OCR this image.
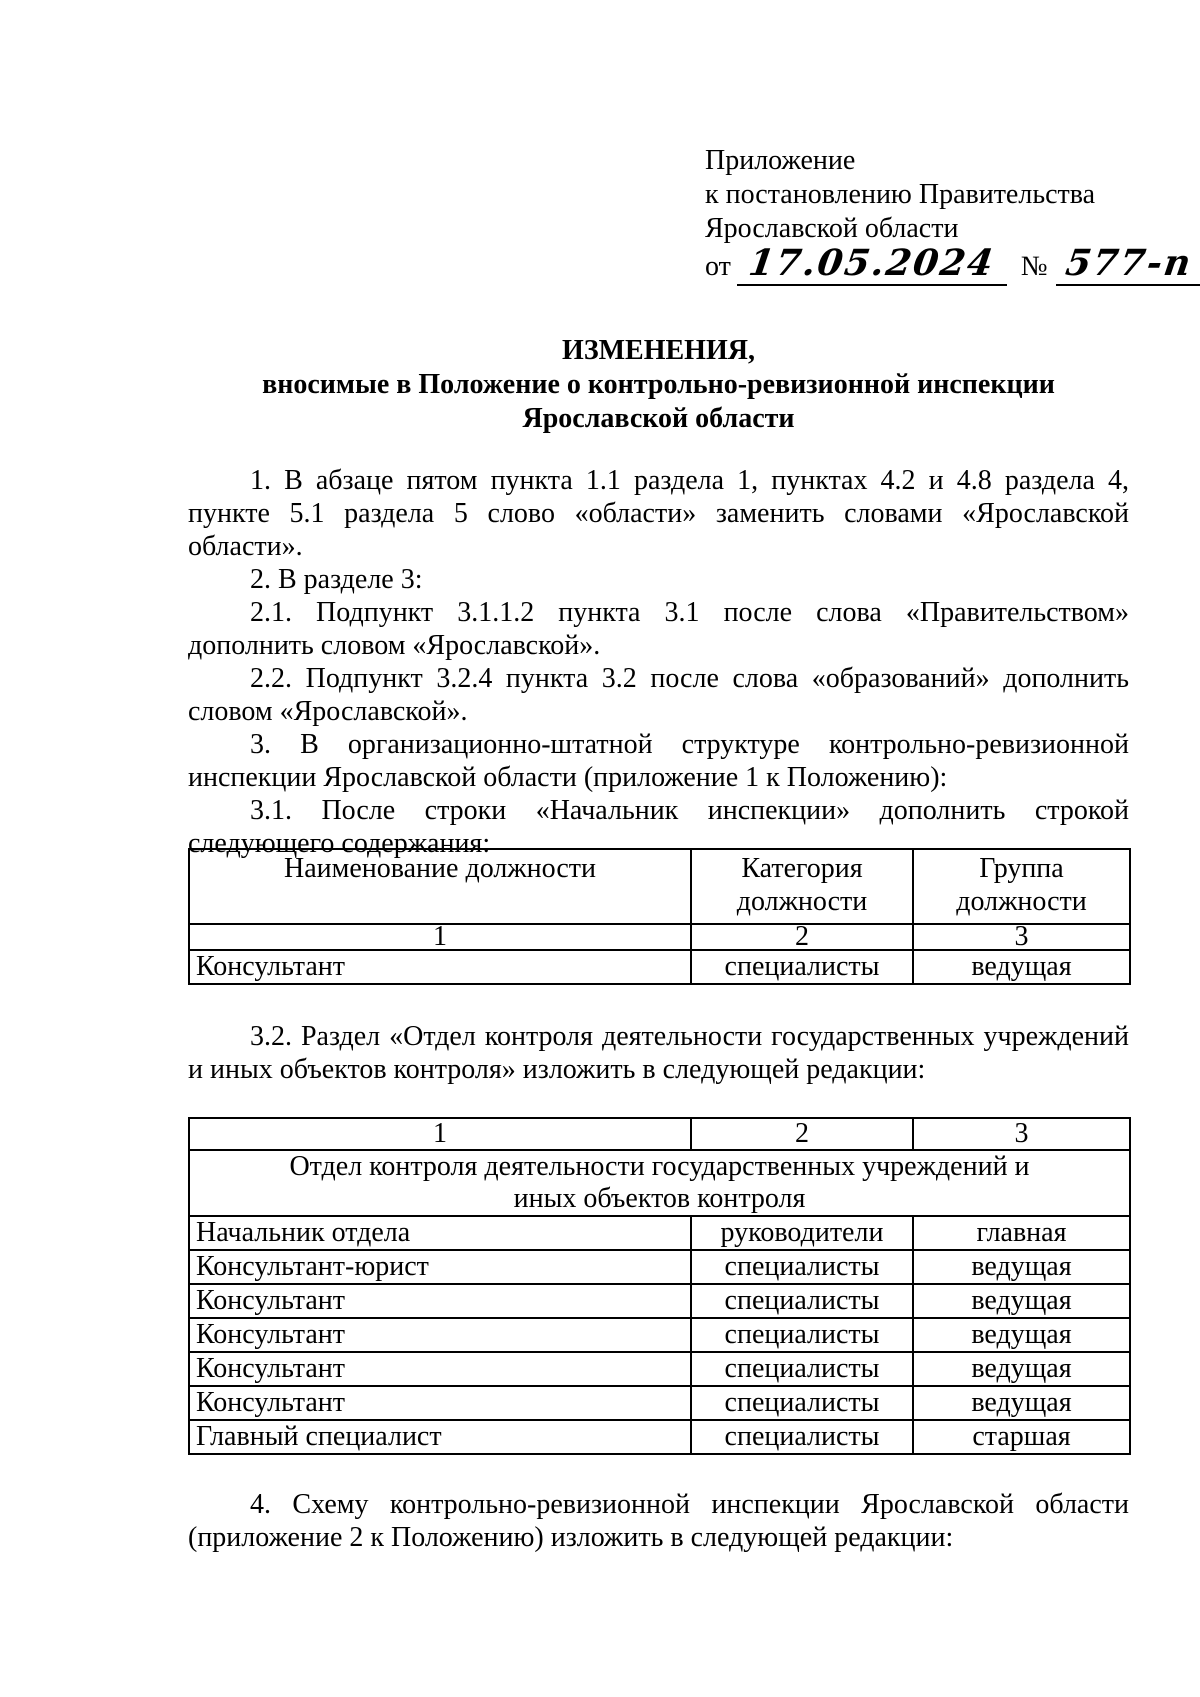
Приложение
к постановлению Правительства
Ярославской области
от 17.05.2024 № 577-п
ИЗМЕНЕНИЯ,
вносимые в Положение о контрольно-ревизионной инспекции
Ярославской области

1. В абзаце пятом пункта 1.1 раздела 1, пунктах 4.2 и 4.8 раздела 4, пункте 5.1 раздела 5 слово «области» заменить словами «Ярославской области».

2. В разделе 3:

2.1. Подпункт 3.1.1.2 пункта 3.1 после слова «Правительством» дополнить словом «Ярославской».

2.2. Подпункт 3.2.4 пункта 3.2 после слова «образований» дополнить словом «Ярославской».

3. В организационно-штатной структуре контрольно-ревизионной инспекции Ярославской области (приложение 1 к Положению):

3.1. После строки «Начальник инспекции» дополнить строкой следующего содержания:

Наименование должности	Категория должности	Группа должности
1	2	3
Консультант	специалисты	ведущая

3.2. Раздел «Отдел контроля деятельности государственных учреждений и иных объектов контроля» изложить в следующей редакции:

1	2	3

Отдел контроля деятельности государственных учреждений и иных объектов контроля		

Начальник отдела	руководители	главная
Консультант-юрист	специалисты	ведущая
Консультант	специалисты	ведущая
Консультант	специалисты	ведущая
Консультант	специалисты	ведущая
Консультант	специалисты	ведущая
Главный специалист	специалисты	старшая

4. Схему контрольно-ревизионной инспекции Ярославской области (приложение 2 к Положению) изложить в следующей редакции:
